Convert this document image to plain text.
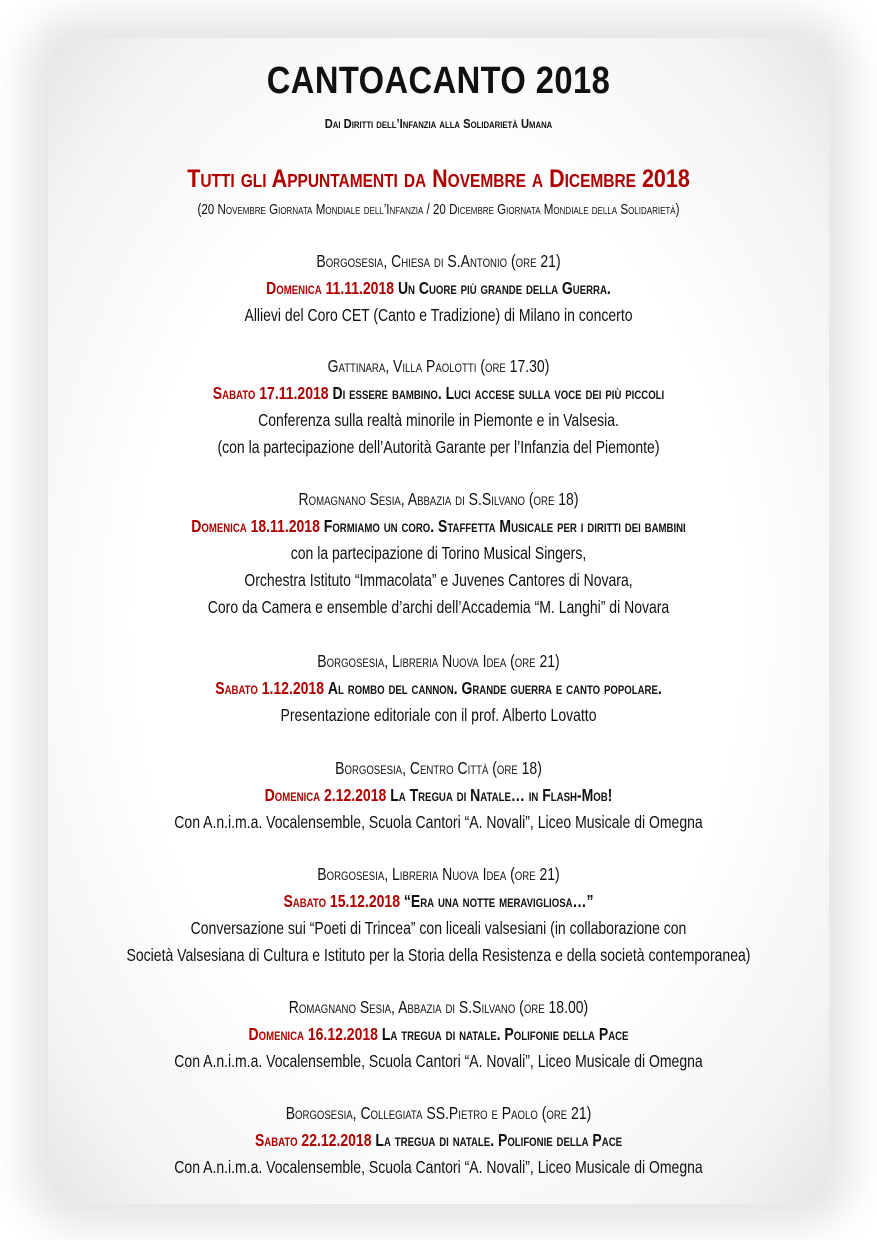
CANTOACANTO 2018
Dai Diritti dell’Infanzia alla Solidarietà Umana
Tutti gli Appuntamenti da Novembre a Dicembre 2018
(20 Novembre Giornata Mondiale dell’Infanzia / 20 Dicembre Giornata Mondiale della Solidarietà)
Borgosesia, Chiesa di S.Antonio (ore 21)
Domenica 11.11.2018 Un Cuore più grande della Guerra.
Allievi del Coro CET (Canto e Tradizione) di Milano in concerto
Gattinara, Villa Paolotti (ore 17.30)
Sabato 17.11.2018 Di essere bambino. Luci accese sulla voce dei più piccoli
Conferenza sulla realtà minorile in Piemonte e in Valsesia.
(con la partecipazione dell’Autorità Garante per l’Infanzia del Piemonte)
Romagnano Sesia, Abbazia di S.Silvano (ore 18)
Domenica 18.11.2018 Formiamo un coro. Staffetta Musicale per i diritti dei bambini
con la partecipazione di Torino Musical Singers,
Orchestra Istituto “Immacolata” e Juvenes Cantores di Novara,
Coro da Camera e ensemble d’archi dell’Accademia “M. Langhi” di Novara
Borgosesia, Libreria Nuova Idea (ore 21)
Sabato 1.12.2018 Al rombo del cannon. Grande guerra e canto popolare.
Presentazione editoriale con il prof. Alberto Lovatto
Borgosesia, Centro Città (ore 18)
Domenica 2.12.2018 La Tregua di Natale… in Flash-Mob!
Con A.n.i.m.a. Vocalensemble, Scuola Cantori “A. Novali”, Liceo Musicale di Omegna
Borgosesia, Libreria Nuova Idea (ore 21)
Sabato 15.12.2018 “Era una notte meravigliosa…”
Conversazione sui “Poeti di Trincea” con liceali valsesiani (in collaborazione con
Società Valsesiana di Cultura e Istituto per la Storia della Resistenza e della società contemporanea)
Romagnano Sesia, Abbazia di S.Silvano (ore 18.00)
Domenica 16.12.2018 La tregua di natale. Polifonie della Pace
Con A.n.i.m.a. Vocalensemble, Scuola Cantori “A. Novali”, Liceo Musicale di Omegna
Borgosesia, Collegiata SS.Pietro e Paolo (ore 21)
Sabato 22.12.2018 La tregua di natale. Polifonie della Pace
Con A.n.i.m.a. Vocalensemble, Scuola Cantori “A. Novali”, Liceo Musicale di Omegna
